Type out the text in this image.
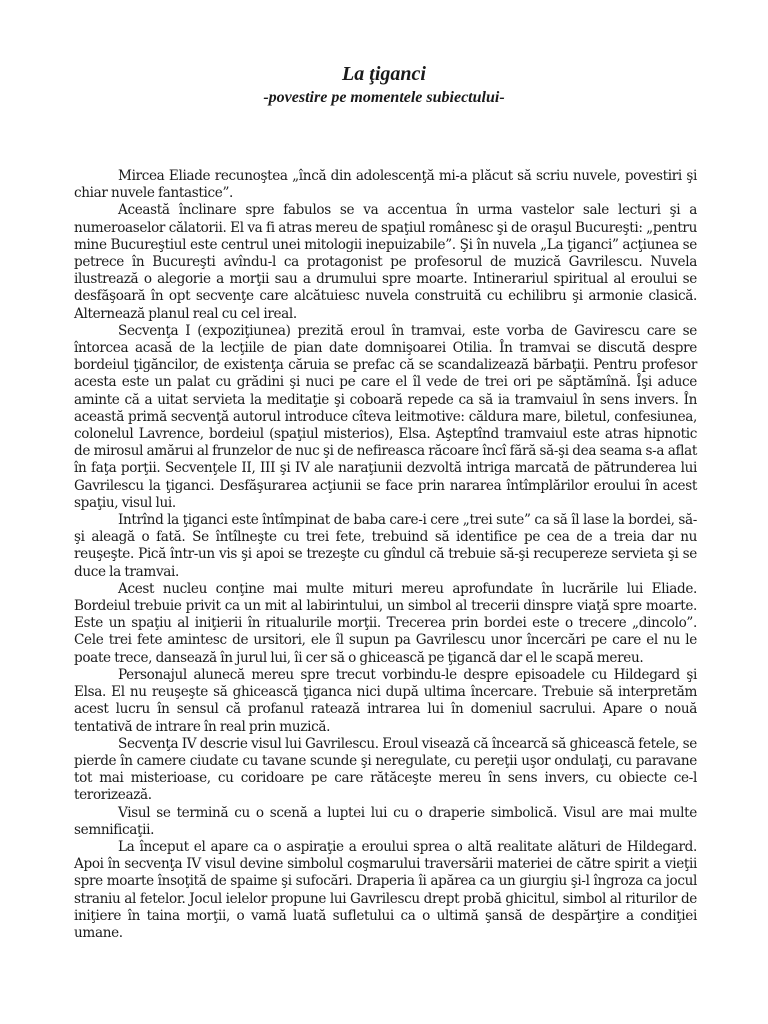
La ţiganci
-povestire pe momentele subiectului-

Mircea Eliade recunoştea „încă din adolescenţă mi-a plăcut să scriu nuvele, povestiri şi chiar nuvele fantastice”.

Această înclinare spre fabulos se va accentua în urma vastelor sale lecturi şi a numeroaselor călatorii. El va fi atras mereu de spaţiul românesc şi de oraşul Bucureşti: „pentru mine Bucureştiul este centrul unei mitologii inepuizabile”. Şi în nuvela „La ţiganci” acţiunea se petrece în Bucureşti avîndu-l ca protagonist pe profesorul de muzică Gavrilescu. Nuvela ilustrează o alegorie a morţii sau a drumului spre moarte. Intinerariul spiritual al eroului se desfăşoară în opt secvenţe care alcătuiesc nuvela construită cu echilibru şi armonie clasică. Alternează planul real cu cel ireal.

Secvenţa I (expoziţiunea) prezită eroul în tramvai, este vorba de Gavirescu care se întorcea acasă de la lecţiile de pian date domnişoarei Otilia. În tramvai se discută despre bordeiul ţigăncilor, de existenţa căruia se prefac că se scandalizează bărbaţii. Pentru profesor acesta este un palat cu grădini şi nuci pe care el îl vede de trei ori pe săptămînă. Îşi aduce aminte că a uitat servieta la meditaţie şi coboară repede ca să ia tramvaiul în sens invers. În această primă secvenţă autorul introduce cîteva leitmotive: căldura mare, biletul, confesiunea, colonelul Lavrence, bordeiul (spaţiul misterios), Elsa. Aşteptînd tramvaiul este atras hipnotic de mirosul amărui al frunzelor de nuc şi de nefireasca răcoare încî fără să-şi dea seama s-a aflat în faţa porţii. Secvenţele II, III şi IV ale naraţiunii dezvoltă intriga marcată de pătrunderea lui Gavrilescu la ţiganci. Desfăşurarea acţiunii se face prin nararea întîmplărilor eroului în acest spaţiu, visul lui.

Intrînd la ţiganci este întîmpinat de baba care-i cere „trei sute” ca să îl lase la bordei, să-şi aleagă o fată. Se întîlneşte cu trei fete, trebuind să identifice pe cea de a treia dar nu reuşeşte. Pică într-un vis şi apoi se trezeşte cu gîndul că trebuie să-şi recupereze servieta şi se duce la tramvai.

Acest nucleu conţine mai multe mituri mereu aprofundate în lucrările lui Eliade. Bordeiul trebuie privit ca un mit al labirintului, un simbol al trecerii dinspre viaţă spre moarte. Este un spaţiu al iniţierii în ritualurile morţii. Trecerea prin bordei este o trecere „dincolo”. Cele trei fete amintesc de ursitori, ele îl supun pa Gavrilescu unor încercări pe care el nu le poate trece, dansează în jurul lui, îi cer să o ghicească pe ţigancă dar el le scapă mereu.

Personajul alunecă mereu spre trecut vorbindu-le despre episoadele cu Hildegard şi Elsa. El nu reuşeşte să ghicească ţiganca nici după ultima încercare. Trebuie să interpretăm acest lucru în sensul că profanul ratează intrarea lui în domeniul sacrului. Apare o nouă tentativă de intrare în real prin muzică.

Secvenţa IV descrie visul lui Gavrilescu. Eroul visează că încearcă să ghicească fetele, se pierde în camere ciudate cu tavane scunde şi neregulate, cu pereţii uşor ondulaţi, cu paravane tot mai misterioase, cu coridoare pe care rătăceşte mereu în sens invers, cu obiecte ce-l terorizează.

Visul se termină cu o scenă a luptei lui cu o draperie simbolică. Visul are mai multe semnificaţii.

La început el apare ca o aspiraţie a eroului sprea o altă realitate alături de Hildegard. Apoi în secvenţa IV visul devine simbolul coşmarului traversării materiei de către spirit a vieţii spre moarte însoţită de spaime şi sufocări. Draperia îi apărea ca un giurgiu şi-l îngroza ca jocul straniu al fetelor. Jocul ielelor propune lui Gavrilescu drept probă ghicitul, simbol al riturilor de iniţiere în taina morţii, o vamă luată sufletului ca o ultimă şansă de despărţire a condiţiei umane.
